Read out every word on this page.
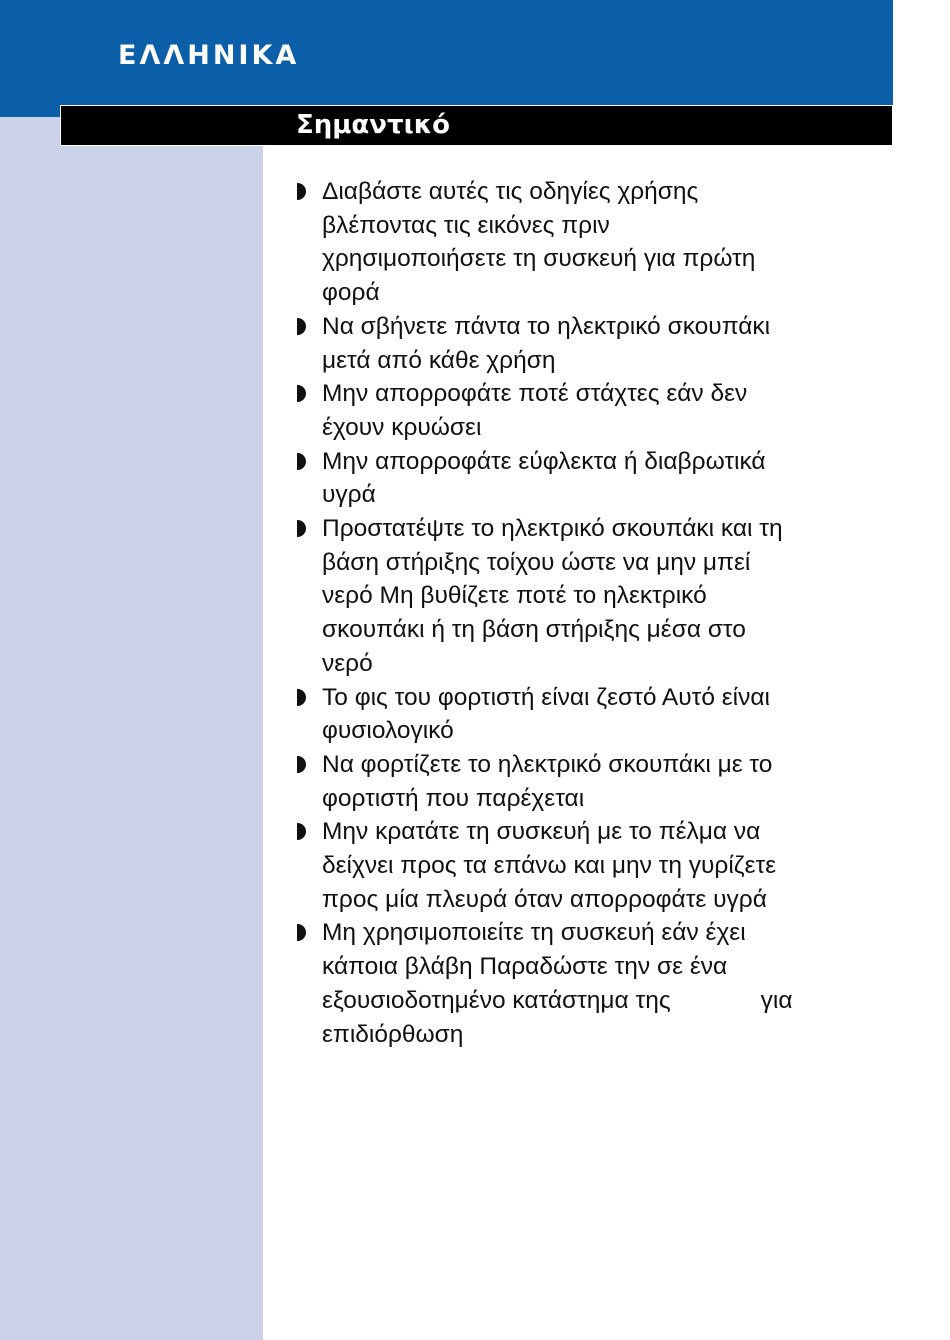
ΕΛΛΗΝΙΚΑ
Σημαντικό
Διαβάστε αυτές τις οδηγίες χρήσης
βλέποντας τις εικόνες πριν
χρησιμοποιήσετε τη συσκευή για πρώτη
φορά
Να σβήνετε πάντα το ηλεκτρικό σκουπάκι
μετά από κάθε χρήση
Μην απορροφάτε ποτέ στάχτες εάν δεν
έχουν κρυώσει
Μην απορροφάτε εύφλεκτα ή διαβρωτικά
υγρά
Προστατέψτε το ηλεκτρικό σκουπάκι και τη
βάση στήριξης τοίχου ώστε να μην μπεί
νερό Μη βυθίζετε ποτέ το ηλεκτρικό
σκουπάκι ή τη βάση στήριξης μέσα στο
νερό
Το φις του φορτιστή είναι ζεστό Αυτό είναι
φυσιολογικό
Να φορτίζετε το ηλεκτρικό σκουπάκι με το
φορτιστή που παρέχεται
Μην κρατάτε τη συσκευή με το πέλμα να
δείχνει προς τα επάνω και μην τη γυρίζετε
προς μία πλευρά όταν απορροφάτε υγρά
Μη χρησιμοποιείτε τη συσκευή εάν έχει
κάποια βλάβη Παραδώστε την σε ένα
εξουσιοδοτημένο κατάστημα της	για
επιδιόρθωση
